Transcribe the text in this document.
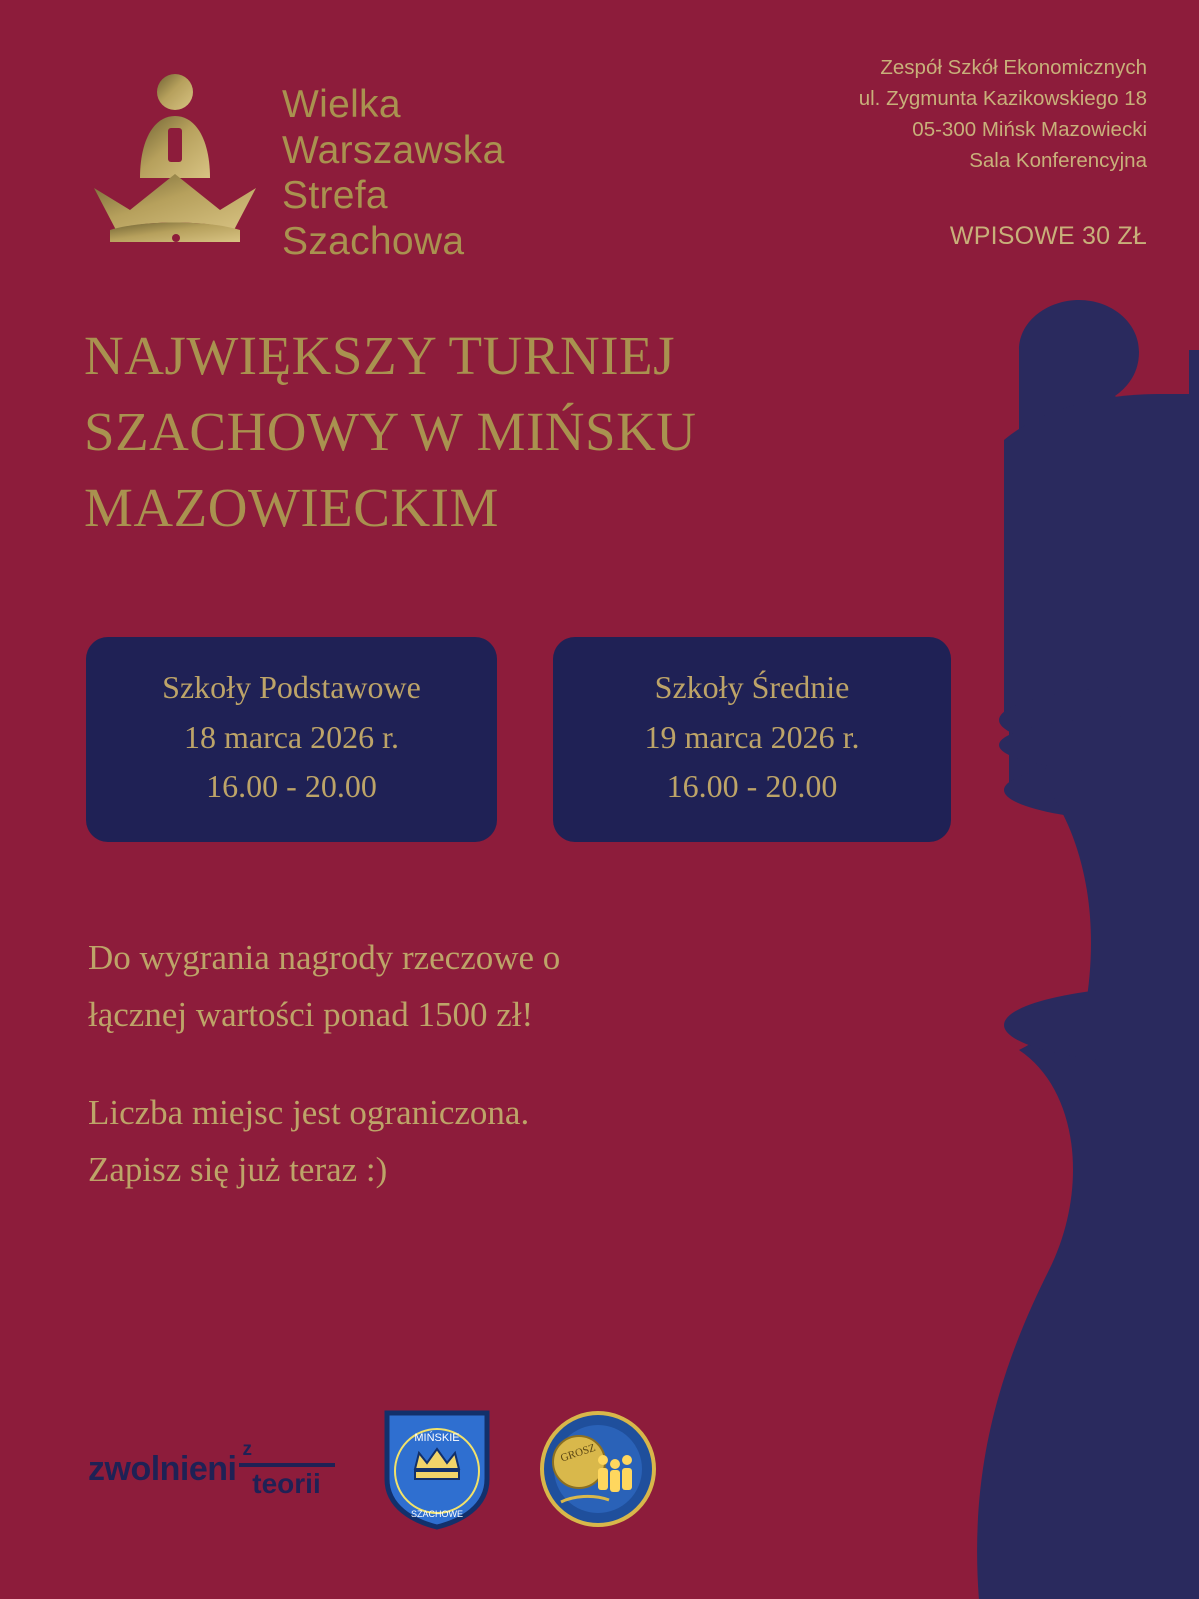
Wielka
Warszawska
Strefa
Szachowa
Zespół Szkół Ekonomicznych
ul. Zygmunta Kazikowskiego 18
05-300 Mińsk Mazowiecki
Sala Konferencyjna
WPISOWE 30 ZŁ
NAJWIĘKSZY TURNIEJ
SZACHOWY W MIŃSKU
MAZOWIECKIM
Szkoły Podstawowe
18 marca 2026 r.
16.00 - 20.00
Szkoły Średnie
19 marca 2026 r.
16.00 - 20.00
Do wygrania nagrody rzeczowe o
łącznej wartości ponad 1500 zł!
Liczba miejsc jest ograniczona.
Zapisz się już teraz :)
zwolnieni z
teorii
MIŃSKIE
SZACHOWE
GROSZ
